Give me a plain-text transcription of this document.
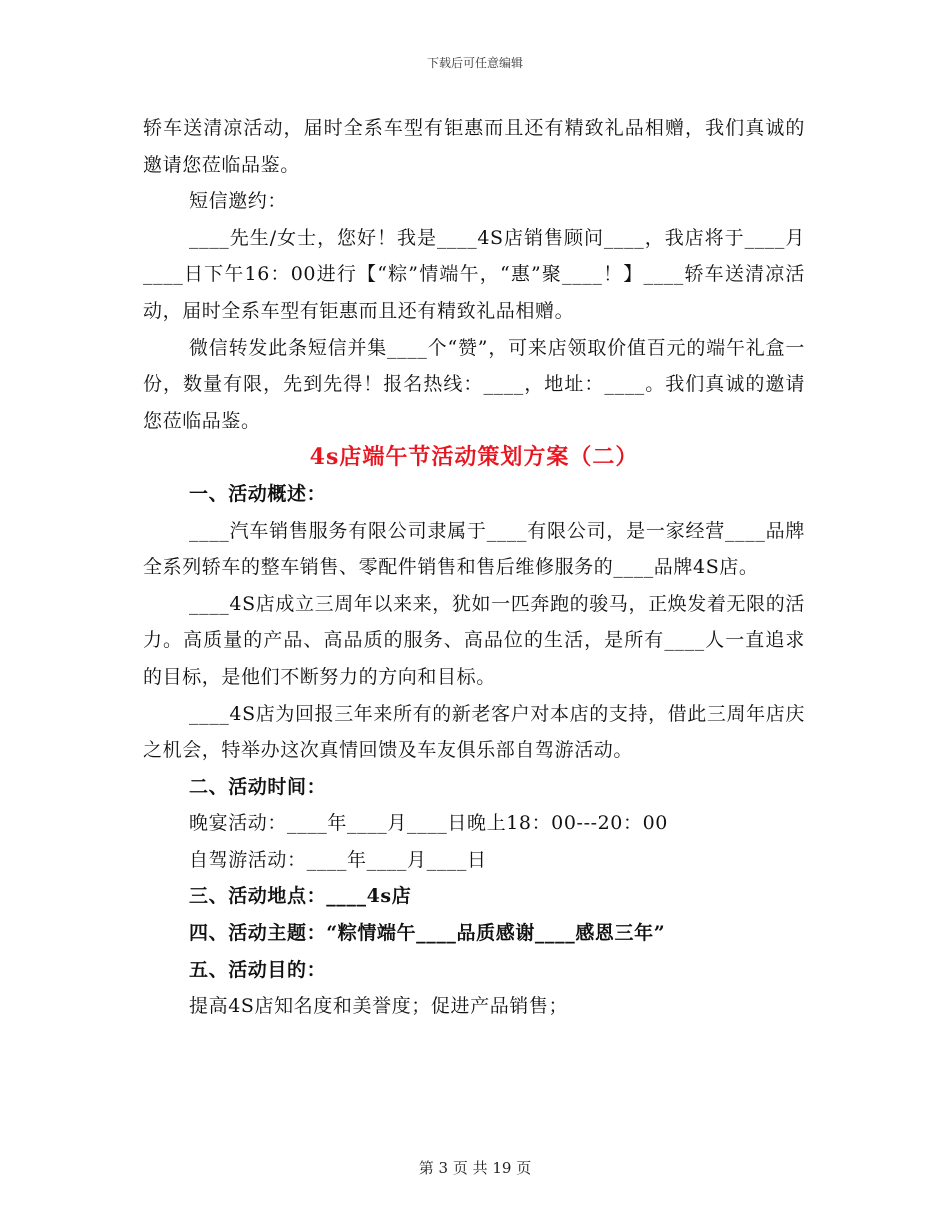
下载后可任意编辑

轿车送清凉活动，届时全系车型有钜惠而且还有精致礼品相赠，我们真诚的邀请您莅临品鉴。

短信邀约：

____先生/女士，您好！我是____4S店销售顾问____，我店将于____月____日下午16：00进行【“粽”情端午，“惠”聚____！】____轿车送清凉活动，届时全系车型有钜惠而且还有精致礼品相赠。

微信转发此条短信并集____个“赞”，可来店领取价值百元的端午礼盒一份，数量有限，先到先得！报名热线：____，地址：____。我们真诚的邀请您莅临品鉴。

4s店端午节活动策划方案（二）

一、活动概述：

____汽车销售服务有限公司隶属于____有限公司，是一家经营____品牌全系列轿车的整车销售、零配件销售和售后维修服务的____品牌4S店。

____4S店成立三周年以来来，犹如一匹奔跑的骏马，正焕发着无限的活力。高质量的产品、高品质的服务、高品位的生活，是所有____人一直追求的目标，是他们不断努力的方向和目标。

____4S店为回报三年来所有的新老客户对本店的支持，借此三周年店庆之机会，特举办这次真情回馈及车友俱乐部自驾游活动。

二、活动时间：

晚宴活动：____年____月____日晚上18：00---20：00

自驾游活动：____年____月____日

三、活动地点：____4s店

四、活动主题：“粽情端午____品质感谢____感恩三年”

五、活动目的：

提高4S店知名度和美誉度；促进产品销售；

第 3 页 共 19 页
